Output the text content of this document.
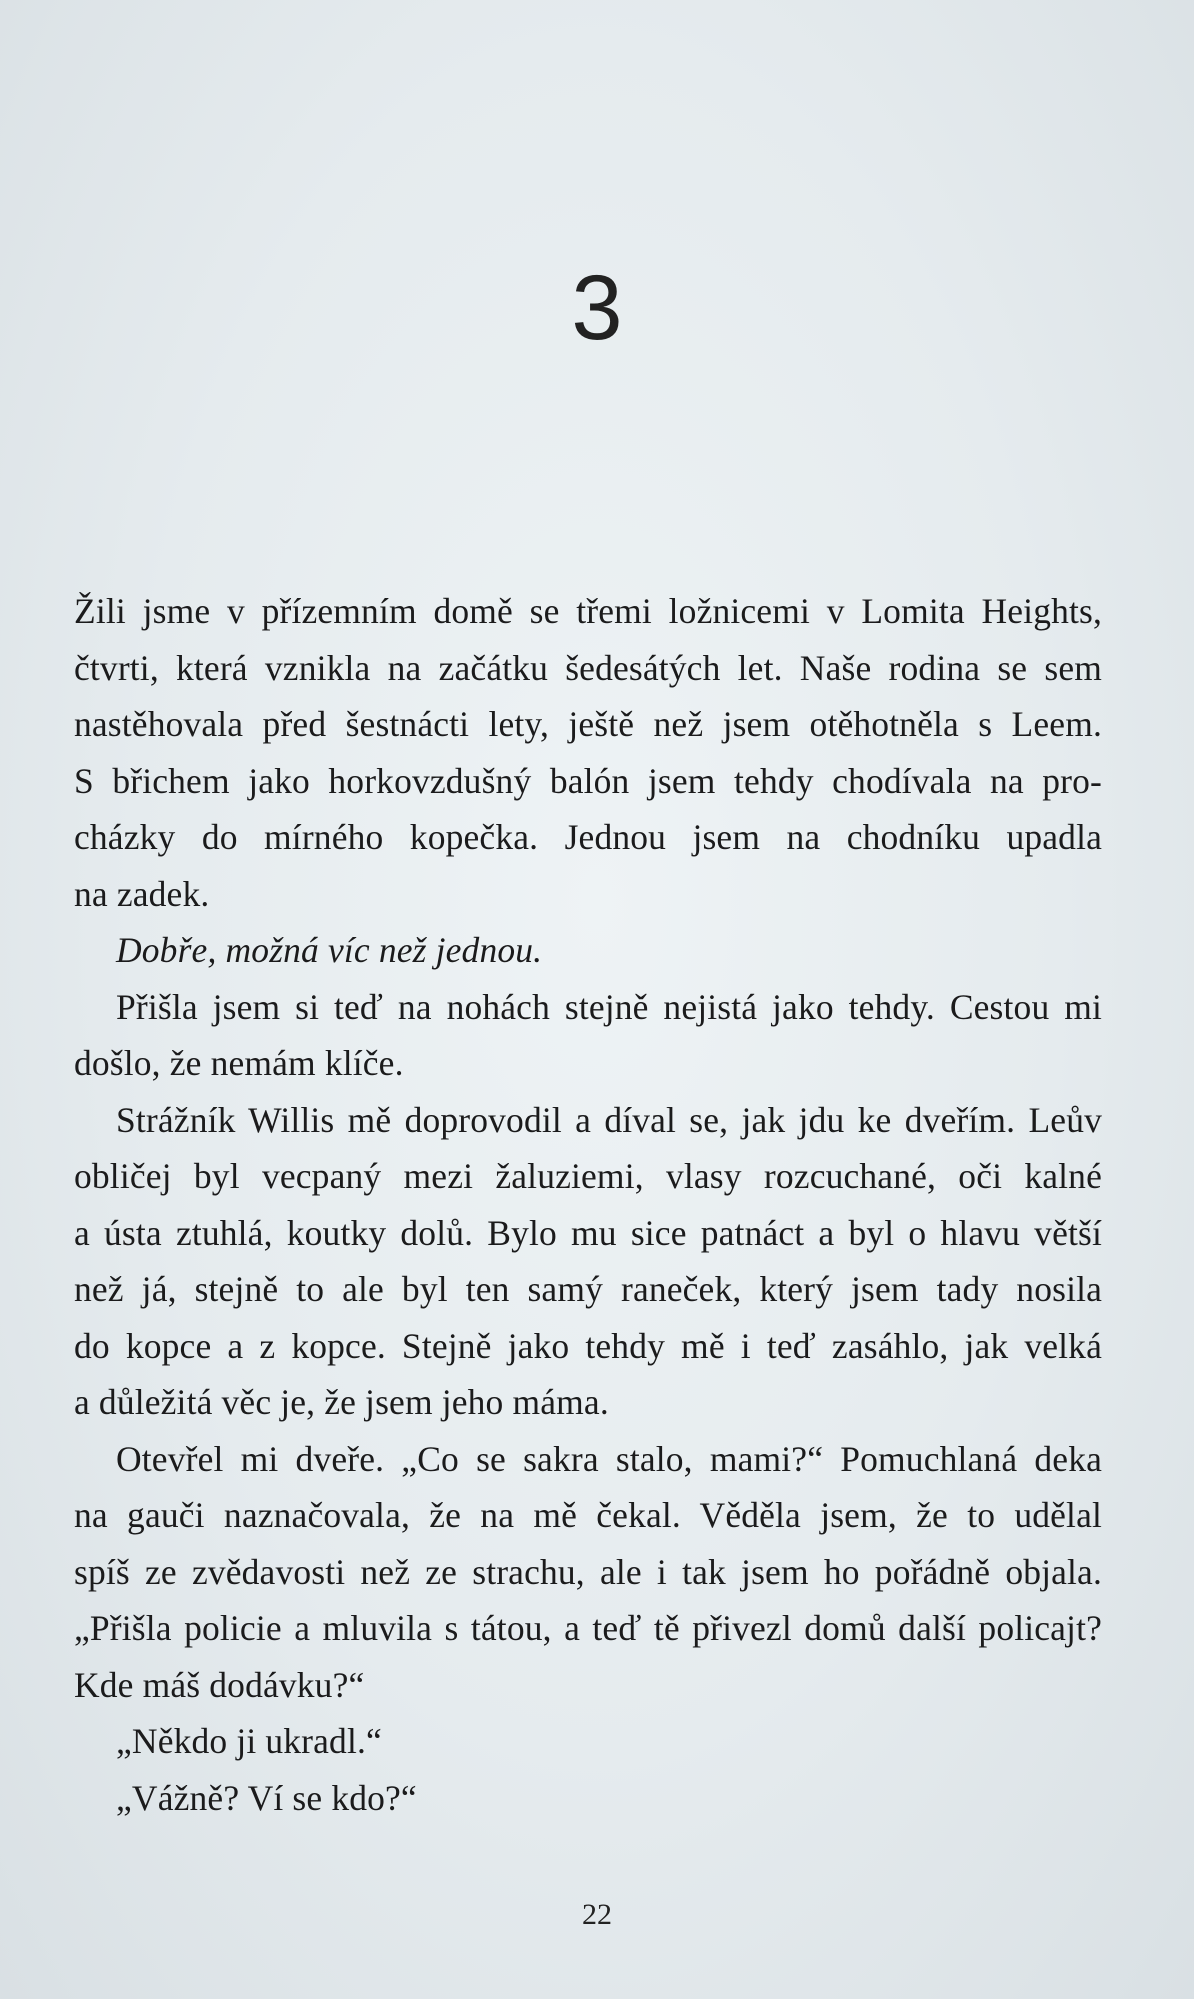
3
Žili jsme v přízemním domě se třemi ložnicemi v Lomita Heights,
čtvrti, která vznikla na začátku šedesátých let. Naše rodina se sem
nastěhovala před šestnácti lety, ještě než jsem otěhotněla s Leem.
S břichem jako horkovzdušný balón jsem tehdy chodívala na pro-
cházky do mírného kopečka. Jednou jsem na chodníku upadla
na zadek.
Dobře, možná víc než jednou.
Přišla jsem si teď na nohách stejně nejistá jako tehdy. Cestou mi
došlo, že nemám klíče.
Strážník Willis mě doprovodil a díval se, jak jdu ke dveřím. Leův
obličej byl vecpaný mezi žaluziemi, vlasy rozcuchané, oči kalné
a ústa ztuhlá, koutky dolů. Bylo mu sice patnáct a byl o hlavu větší
než já, stejně to ale byl ten samý raneček, který jsem tady nosila
do kopce a z kopce. Stejně jako tehdy mě i teď zasáhlo, jak velká
a důležitá věc je, že jsem jeho máma.
Otevřel mi dveře. „Co se sakra stalo, mami?“ Pomuchlaná deka
na gauči naznačovala, že na mě čekal. Věděla jsem, že to udělal
spíš ze zvědavosti než ze strachu, ale i tak jsem ho pořádně objala.
„Přišla policie a mluvila s tátou, a teď tě přivezl domů další policajt?
Kde máš dodávku?“
„Někdo ji ukradl.“
„Vážně? Ví se kdo?“
22
